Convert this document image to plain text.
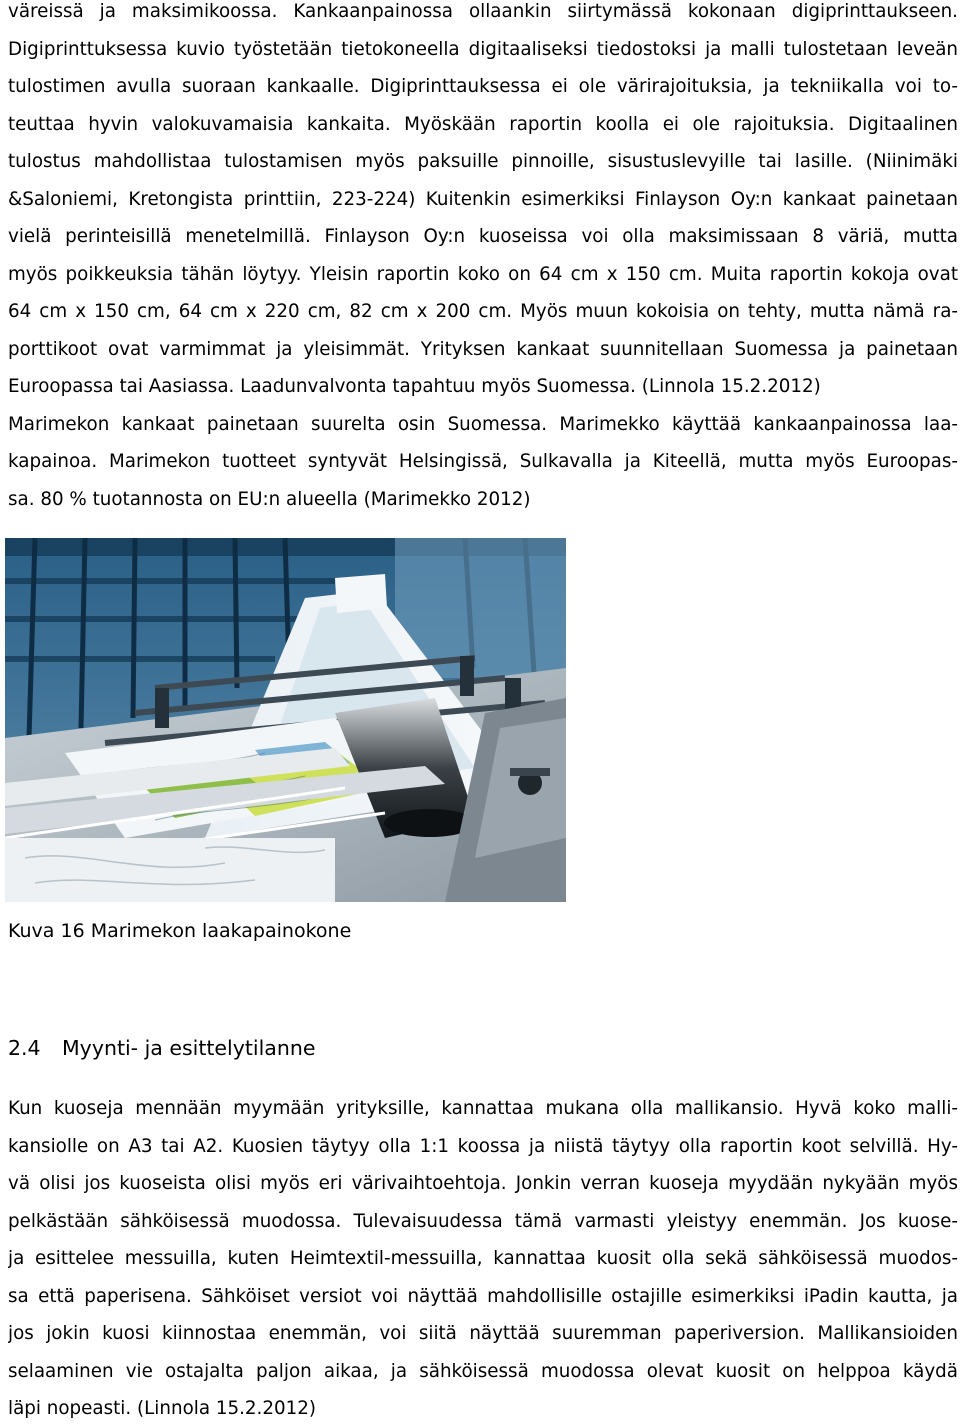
väreissä ja maksimikoossa. Kankaanpainossa ollaankin siirtymässä kokonaan digiprinttaukseen.
Digiprinttuksessa kuvio työstetään tietokoneella digitaaliseksi tiedostoksi ja malli tulostetaan leveän
tulostimen avulla suoraan kankaalle. Digiprinttauksessa ei ole värirajoituksia, ja tekniikalla voi to-
teuttaa hyvin valokuvamaisia kankaita. Myöskään raportin koolla ei ole rajoituksia. Digitaalinen
tulostus mahdollistaa tulostamisen myös paksuille pinnoille, sisustuslevyille tai lasille. (Niinimäki
&Saloniemi, Kretongista printtiin, 223-224) Kuitenkin esimerkiksi Finlayson Oy:n kankaat painetaan
vielä perinteisillä menetelmillä. Finlayson Oy:n kuoseissa voi olla maksimissaan 8 väriä, mutta
myös poikkeuksia tähän löytyy. Yleisin raportin koko on 64 cm x 150 cm. Muita raportin kokoja ovat
64 cm x 150 cm, 64 cm x 220 cm, 82 cm x 200 cm. Myös muun kokoisia on tehty, mutta nämä ra-
porttikoot ovat varmimmat ja yleisimmät. Yrityksen kankaat suunnitellaan Suomessa ja painetaan
Euroopassa tai Aasiassa. Laadunvalvonta tapahtuu myös Suomessa. (Linnola 15.2.2012)
Marimekon kankaat painetaan suurelta osin Suomessa. Marimekko käyttää kankaanpainossa laa-
kapainoa. Marimekon tuotteet syntyvät Helsingissä, Sulkavalla ja Kiteellä, mutta myös Euroopas-
sa. 80 % tuotannosta on EU:n alueella (Marimekko 2012)
Kuva 16 Marimekon laakapainokone
2.4 Myynti- ja esittelytilanne
Kun kuoseja mennään myymään yrityksille, kannattaa mukana olla mallikansio. Hyvä koko malli-
kansiolle on A3 tai A2. Kuosien täytyy olla 1:1 koossa ja niistä täytyy olla raportin koot selvillä. Hy-
vä olisi jos kuoseista olisi myös eri värivaihtoehtoja. Jonkin verran kuoseja myydään nykyään myös
pelkästään sähköisessä muodossa. Tulevaisuudessa tämä varmasti yleistyy enemmän. Jos kuose-
ja esittelee messuilla, kuten Heimtextil-messuilla, kannattaa kuosit olla sekä sähköisessä muodos-
sa että paperisena. Sähköiset versiot voi näyttää mahdollisille ostajille esimerkiksi iPadin kautta, ja
jos jokin kuosi kiinnostaa enemmän, voi siitä näyttää suuremman paperiversion. Mallikansioiden
selaaminen vie ostajalta paljon aikaa, ja sähköisessä muodossa olevat kuosit on helppoa käydä
läpi nopeasti. (Linnola 15.2.2012)
